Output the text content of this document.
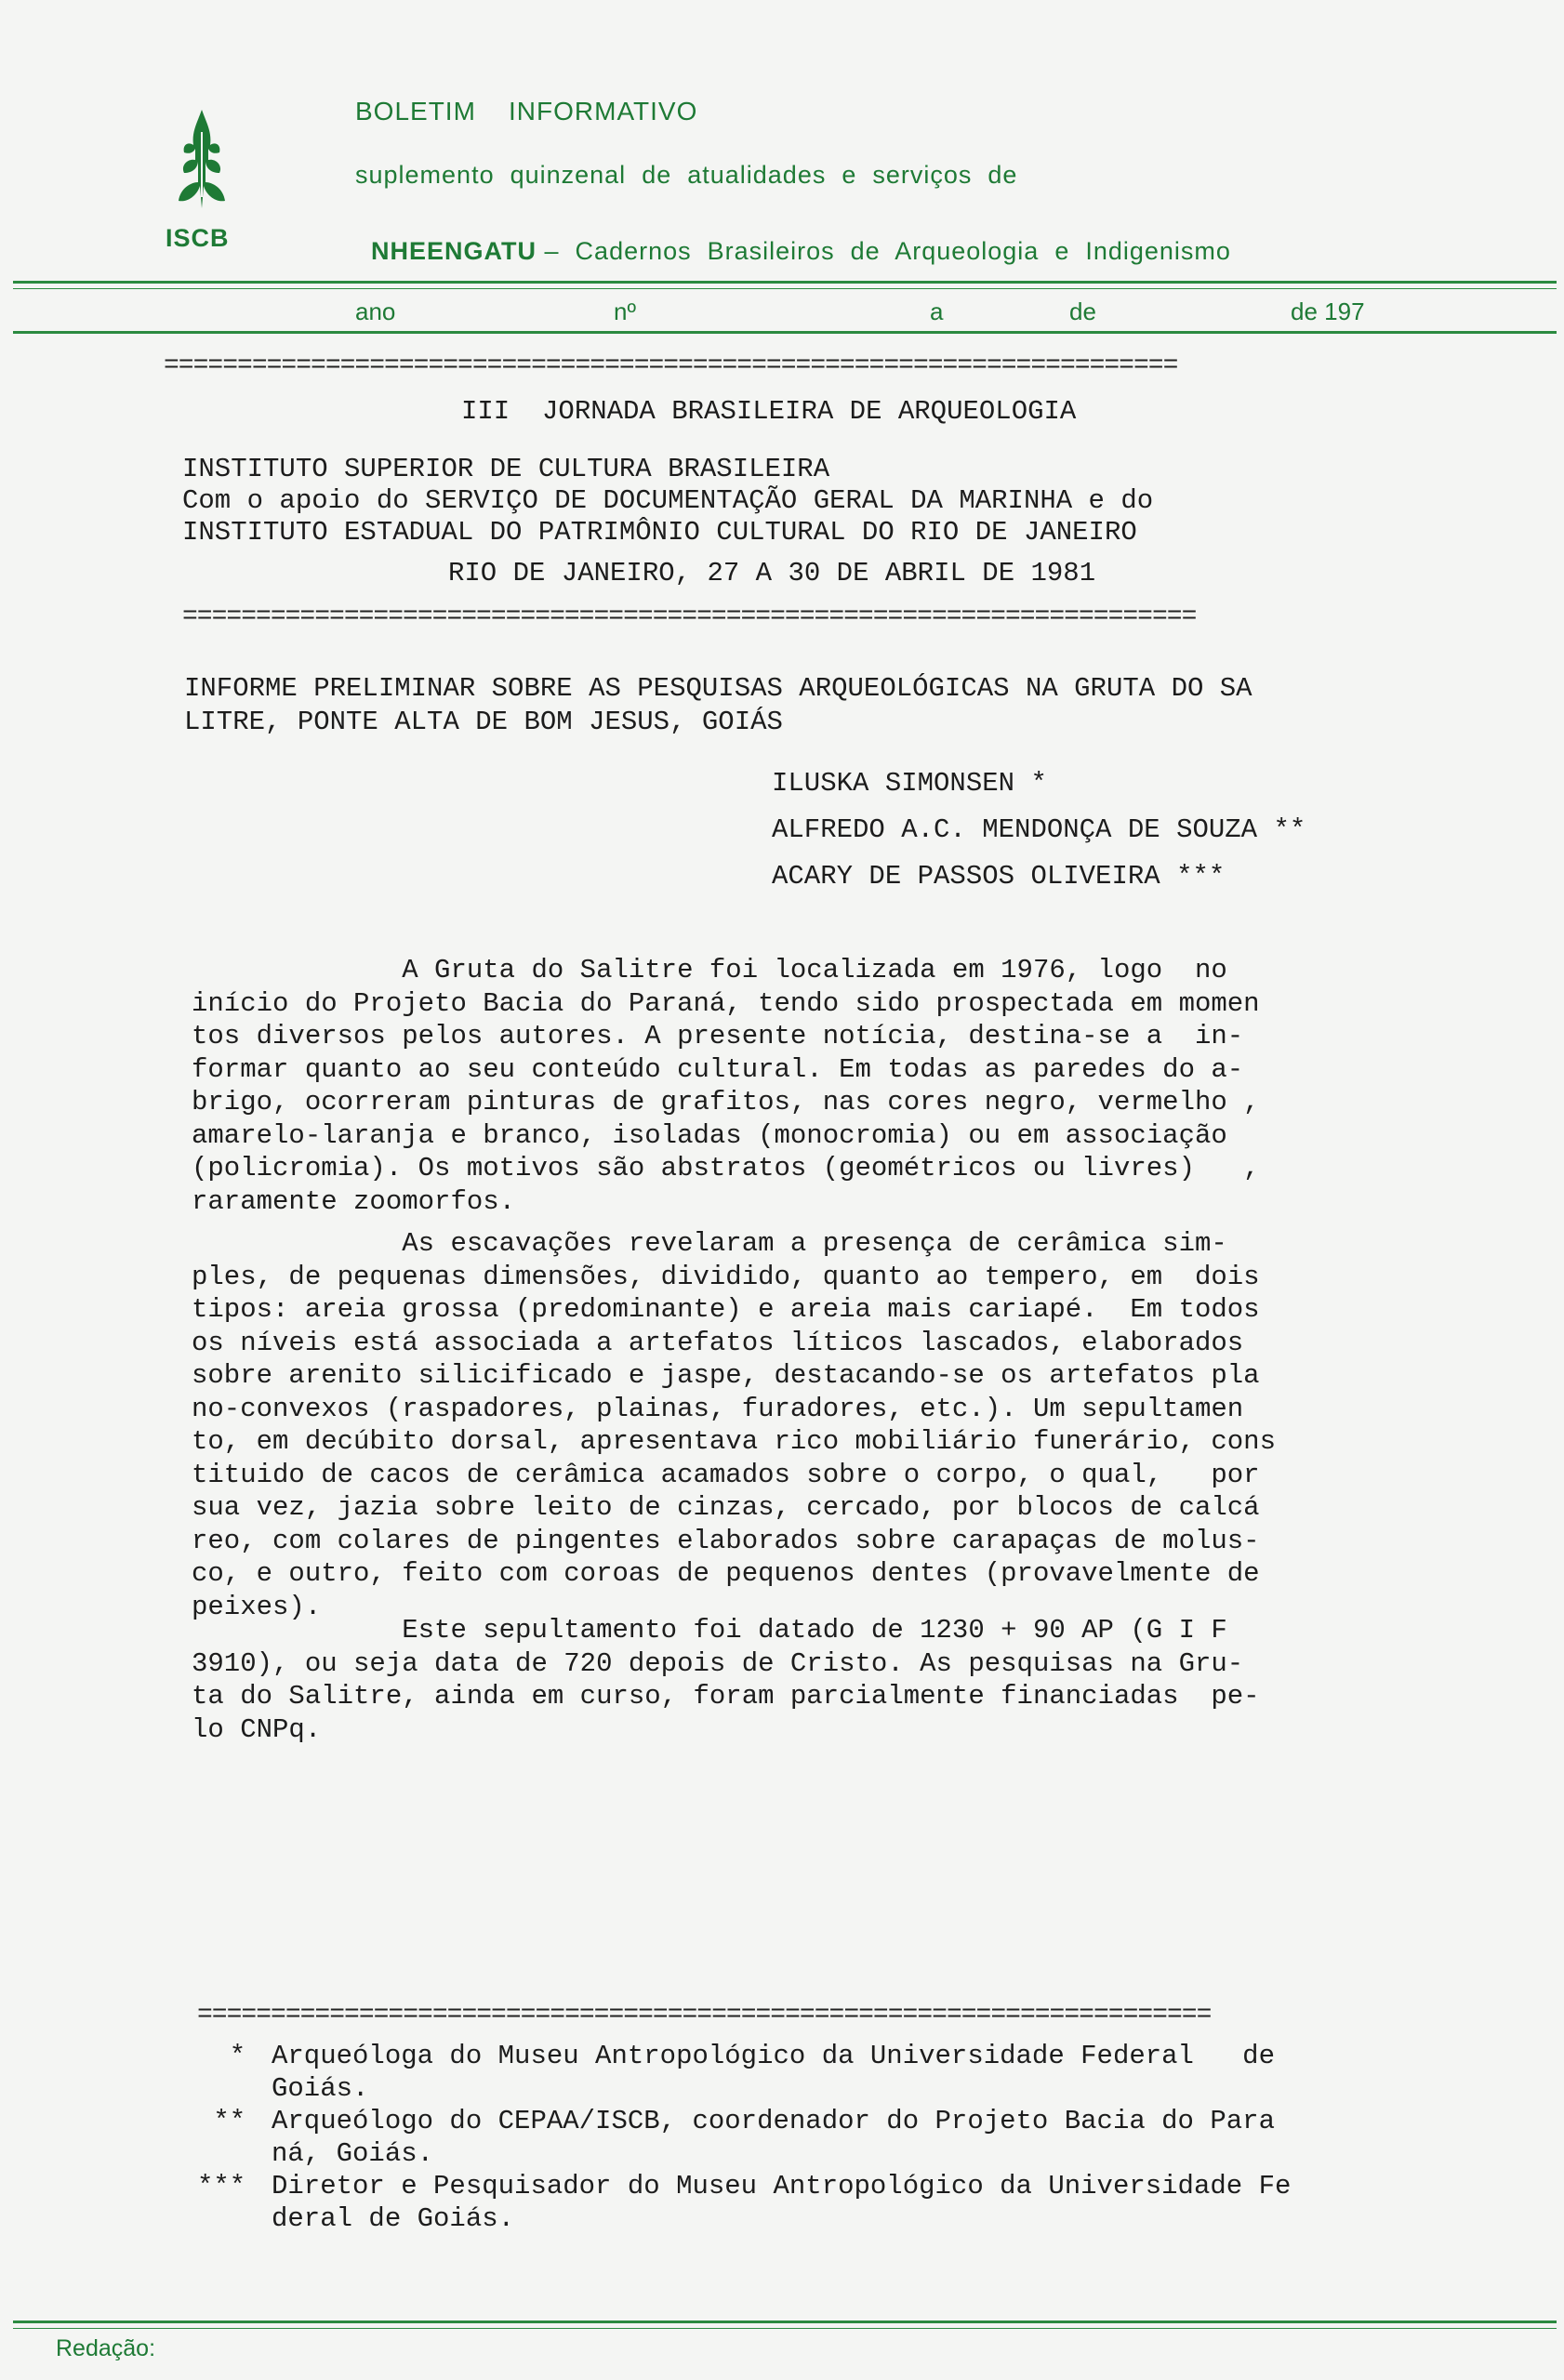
ISCB
BOLETIM    INFORMATIVO
suplemento  quinzenal  de  atualidades  e  serviços  de

NHEENGATU –  Cadernos  Brasileiros  de  Arqueologia  e  Indigenismo

ano	nº	a	de	de 197
=====================================================================
III  JORNADA BRASILEIRA DE ARQUEOLOGIA
INSTITUTO SUPERIOR DE CULTURA BRASILEIRA
Com o apoio do SERVIÇO DE DOCUMENTAÇÃO GERAL DA MARINHA e do
INSTITUTO ESTADUAL DO PATRIMÔNIO CULTURAL DO RIO DE JANEIRO
RIO DE JANEIRO, 27 A 30 DE ABRIL DE 1981
=====================================================================
INFORME PRELIMINAR SOBRE AS PESQUISAS ARQUEOLÓGICAS NA GRUTA DO SA
LITRE, PONTE ALTA DE BOM JESUS, GOIÁS
ILUSKA SIMONSEN *
ALFREDO A.C. MENDONÇA DE SOUZA **
ACARY DE PASSOS OLIVEIRA ***
A Gruta do Salitre foi localizada em 1976, logo  no
início do Projeto Bacia do Paraná, tendo sido prospectada em momen
tos diversos pelos autores. A presente notícia, destina-se a  in-
formar quanto ao seu conteúdo cultural. Em todas as paredes do a-
brigo, ocorreram pinturas de grafitos, nas cores negro, vermelho ,
amarelo-laranja e branco, isoladas (monocromia) ou em associação
(policromia). Os motivos são abstratos (geométricos ou livres)   ,
raramente zoomorfos.
As escavações revelaram a presença de cerâmica sim-
ples, de pequenas dimensões, dividido, quanto ao tempero, em  dois
tipos: areia grossa (predominante) e areia mais cariapé.  Em todos
os níveis está associada a artefatos líticos lascados, elaborados
sobre arenito silicificado e jaspe, destacando-se os artefatos pla
no-convexos (raspadores, plainas, furadores, etc.). Um sepultamen
to, em decúbito dorsal, apresentava rico mobiliário funerário, cons
tituido de cacos de cerâmica acamados sobre o corpo, o qual,   por
sua vez, jazia sobre leito de cinzas, cercado, por blocos de calcá
reo, com colares de pingentes elaborados sobre carapaças de molus-
co, e outro, feito com coroas de pequenos dentes (provavelmente de
peixes).
Este sepultamento foi datado de 1230 + 90 AP (G I F
3910), ou seja data de 720 depois de Cristo. As pesquisas na Gru-
ta do Salitre, ainda em curso, foram parcialmente financiadas  pe-
lo CNPq.
=====================================================================
* Arqueóloga do Museu Antropológico da Universidade Federal   de
Goiás.
** Arqueólogo do CEPAA/ISCB, coordenador do Projeto Bacia do Para
ná, Goiás.
*** Diretor e Pesquisador do Museu Antropológico da Universidade Fe
deral de Goiás.
Redação:
